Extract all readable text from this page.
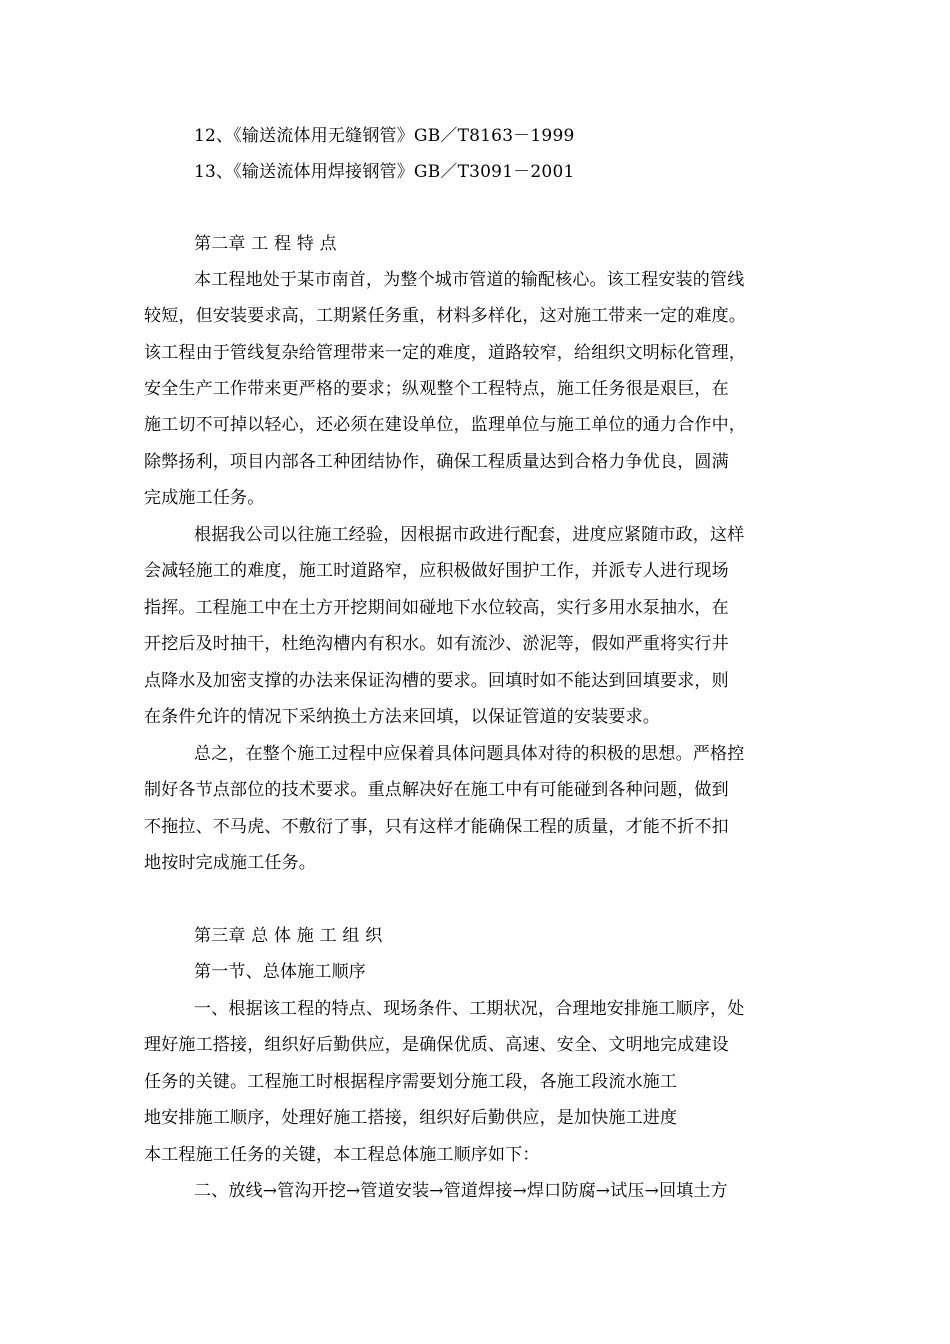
12、《输送流体用无缝钢管》GB／T8163－1999
13、《输送流体用焊接钢管》GB／T3091－2001
第二章 工 程 特 点
本工程地处于某市南首，为整个城市管道的输配核心。该工程安装的管线
较短，但安装要求高，工期紧任务重，材料多样化，这对施工带来一定的难度。
该工程由于管线复杂给管理带来一定的难度，道路较窄，给组织文明标化管理，
安全生产工作带来更严格的要求；纵观整个工程特点，施工任务很是艰巨，在
施工切不可掉以轻心，还必须在建设单位，监理单位与施工单位的通力合作中，
除弊扬利，项目内部各工种团结协作，确保工程质量达到合格力争优良，圆满
完成施工任务。
根据我公司以往施工经验，因根据市政进行配套，进度应紧随市政，这样
会减轻施工的难度，施工时道路窄，应积极做好围护工作，并派专人进行现场
指挥。工程施工中在土方开挖期间如碰地下水位较高，实行多用水泵抽水，在
开挖后及时抽干，杜绝沟槽内有积水。如有流沙、淤泥等，假如严重将实行井
点降水及加密支撑的办法来保证沟槽的要求。回填时如不能达到回填要求，则
在条件允许的情况下采纳换土方法来回填，以保证管道的安装要求。
总之，在整个施工过程中应保着具体问题具体对待的积极的思想。严格控
制好各节点部位的技术要求。重点解决好在施工中有可能碰到各种问题，做到
不拖拉、不马虎、不敷衍了事，只有这样才能确保工程的质量，才能不折不扣
地按时完成施工任务。
第三章 总 体 施 工 组 织
第一节、总体施工顺序
一、根据该工程的特点、现场条件、工期状况，合理地安排施工顺序，处
理好施工搭接，组织好后勤供应，是确保优质、高速、安全、文明地完成建设
任务的关键。工程施工时根据程序需要划分施工段，各施工段流水施工
地安排施工顺序，处理好施工搭接，组织好后勤供应，是加快施工进度
本工程施工任务的关键，本工程总体施工顺序如下：
二、放线→管沟开挖→管道安装→管道焊接→焊口防腐→试压→回填土方
